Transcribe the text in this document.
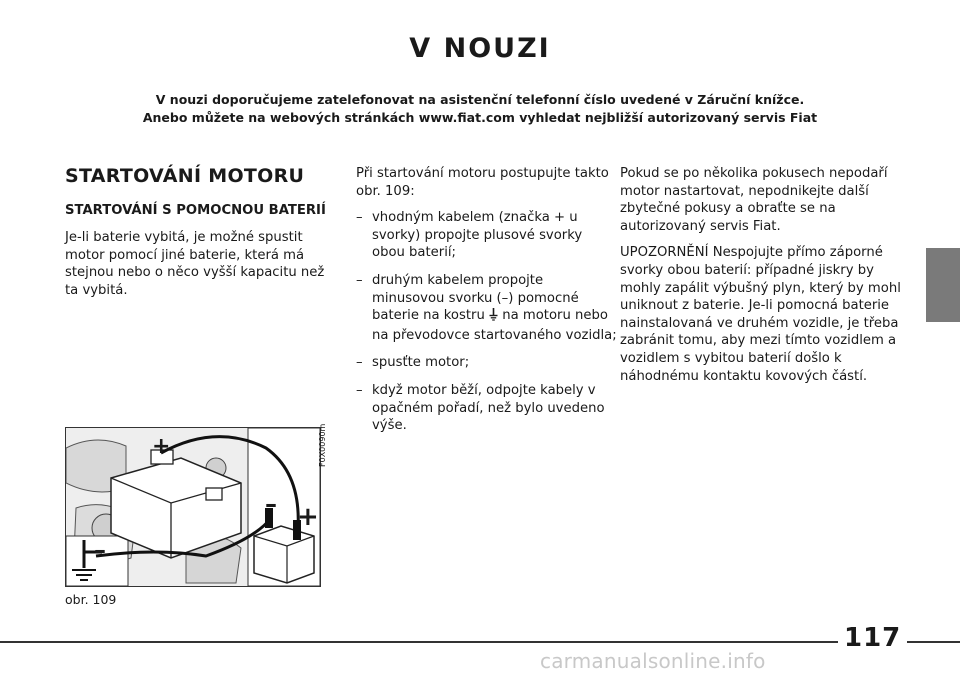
V NOUZI
V nouzi doporučujeme zatelefonovat na asistenční telefonní číslo uvedené v Záruční knížce.
Anebo můžete na webových stránkách www.fiat.com vyhledat nejbližší autorizovaný servis Fiat
STARTOVÁNÍ MOTORU
STARTOVÁNÍ S POMOCNOU BATERIÍ

Je-li baterie vybitá, je možné spustit motor pomocí jiné baterie, která má stejnou nebo o něco vyšší kapacitu než ta vybitá.

Při startování motoru postupujte takto obr. 109:

– vhodným kabelem (značka + u svorky) propojte plusové svorky obou baterií;
– druhým kabelem propojte minusovou svorku (–) pomocné baterie na kostru na motoru nebo na převodovce startovaného vozidla;
– spusťte motor;
– když motor běží, odpojte kabely v opačném pořadí, než bylo uvedeno výše.

Pokud se po několika pokusech nepodaří motor nastartovat, nepodnikejte další zbytečné pokusy a obraťte se na autorizovaný servis Fiat.

UPOZORNĚNÍ Nespojujte přímo záporné svorky obou baterií: případné jiskry by mohly zapálit výbušný plyn, který by mohl uniknout z baterie. Je-li pomocná baterie nainstalovaná ve druhém vozidle, je třeba zabránit tomu, aby mezi tímto vozidlem a vozidlem s vybitou baterií došlo k náhodnému kontaktu kovových částí.

+
+
–
–
F0X0090m
obr. 109
117
carmanualsonline.info
